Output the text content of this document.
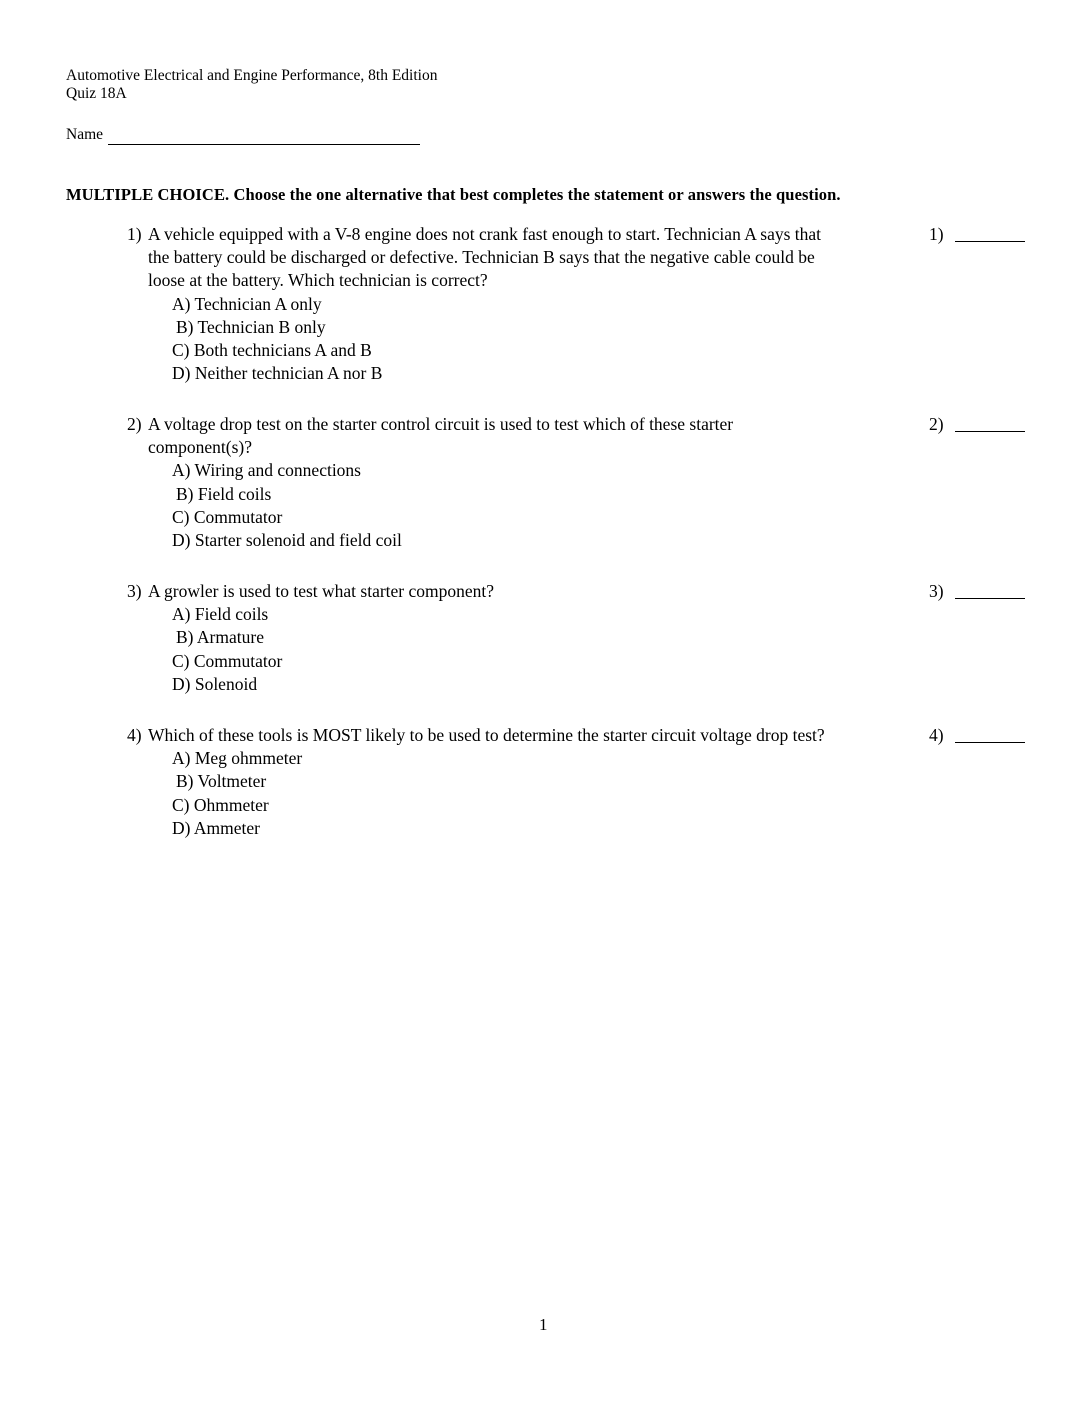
Automotive Electrical and Engine Performance, 8th Edition
Quiz 18A
Name
MULTIPLE CHOICE. Choose the one alternative that best completes the statement or answers the question.
1) A vehicle equipped with a V-8 engine does not crank fast enough to start. Technician A says that
the battery could be discharged or defective. Technician B says that the negative cable could be
loose at the battery. Which technician is correct?
A) Technician A only
B) Technician B only
C) Both technicians A and B
D) Neither technician A nor B
1)
2) A voltage drop test on the starter control circuit is used to test which of these starter
component(s)?
A) Wiring and connections
B) Field coils
C) Commutator
D) Starter solenoid and field coil
2)
3) A growler is used to test what starter component?
A) Field coils
B) Armature
C) Commutator
D) Solenoid
3)
4) Which of these tools is MOST likely to be used to determine the starter circuit voltage drop test?
A) Meg ohmmeter
B) Voltmeter
C) Ohmmeter
D) Ammeter
4)
1
